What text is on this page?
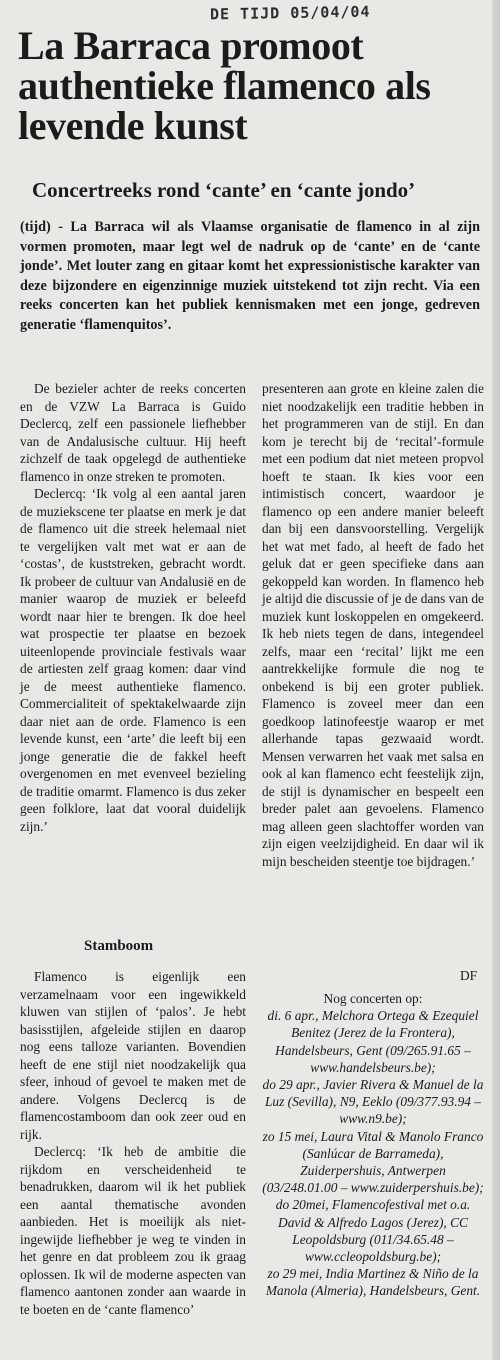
DE TIJD 05/04/04
La Barraca promoot authentieke flamenco als levende kunst
Concertreeks rond ‘cante’ en ‘cante jondo’

(tijd) - La Barraca wil als Vlaamse organisatie de flamenco in al zijn vormen promoten, maar legt wel de nadruk op de ‘cante’ en de ‘cante jonde’. Met louter zang en gitaar komt het expressionistische karakter van deze bijzondere en eigenzinnige muziek uitstekend tot zijn recht. Via een reeks concerten kan het publiek kennismaken met een jonge, gedreven generatie ‘flamenquitos’.

De bezieler achter de reeks concerten en de VZW La Barraca is Guido Declercq, zelf een passionele liefhebber van de Andalusische cultuur. Hij heeft zichzelf de taak opgelegd de authentieke flamenco in onze streken te promoten.

Declercq: ‘Ik volg al een aantal jaren de muziekscene ter plaatse en merk je dat de flamenco uit die streek helemaal niet te vergelijken valt met wat er aan de ‘costas’, de kuststreken, gebracht wordt. Ik probeer de cultuur van Andalusië en de manier waarop de muziek er beleefd wordt naar hier te brengen. Ik doe heel wat prospectie ter plaatse en bezoek uiteenlopende provinciale festivals waar de artiesten zelf graag komen: daar vind je de meest authentieke flamenco. Commercialiteit of spektakelwaarde zijn daar niet aan de orde. Flamenco is een levende kunst, een ‘arte’ die leeft bij een jonge generatie die de fakkel heeft overgenomen en met evenveel bezieling de traditie omarmt. Flamenco is dus zeker geen folklore, laat dat vooral duidelijk zijn.’

presenteren aan grote en kleine zalen die niet noodzakelijk een traditie hebben in het programmeren van de stijl. En dan kom je terecht bij de ‘recital’-formule met een podium dat niet meteen propvol hoeft te staan. Ik kies voor een intimistisch concert, waardoor je flamenco op een andere manier beleeft dan bij een dansvoorstelling. Vergelijk het wat met fado, al heeft de fado het geluk dat er geen specifieke dans aan gekoppeld kan worden. In flamenco heb je altijd die discussie of je de dans van de muziek kunt loskoppelen en omgekeerd. Ik heb niets tegen de dans, integendeel zelfs, maar een ‘recital’ lijkt me een aantrekkelijke formule die nog te onbekend is bij een groter publiek. Flamenco is zoveel meer dan een goedkoop latinofeestje waarop er met allerhande tapas gezwaaid wordt. Mensen verwarren het vaak met salsa en ook al kan flamenco echt feestelijk zijn, de stijl is dynamischer en bespeelt een breder palet aan gevoelens. Flamenco mag alleen geen slachtoffer worden van zijn eigen veelzijdigheid. En daar wil ik mijn bescheiden steentje toe bijdragen.’

Stamboom

Flamenco is eigenlijk een verzamelnaam voor een ingewikkeld kluwen van stijlen of ‘palos’. Je hebt basisstijlen, afgeleide stijlen en daarop nog eens talloze varianten. Bovendien heeft de ene stijl niet noodzakelijk qua sfeer, inhoud of gevoel te maken met de andere. Volgens Declercq is de flamencostamboom dan ook zeer oud en rijk.

Declercq: ‘Ik heb de ambitie die rijkdom en verscheidenheid te benadrukken, daarom wil ik het publiek een aantal thematische avonden aanbieden. Het is moeilijk als niet-ingewijde liefhebber je weg te vinden in het genre en dat probleem zou ik graag oplossen. Ik wil de moderne aspecten van flamenco aantonen zonder aan waarde in te boeten en de ‘cante flamenco’

DF
Nog concerten op:
di. 6 apr., Melchora Ortega & Ezequiel Benitez (Jerez de la Frontera), Handelsbeurs, Gent (09/265.91.65 – www.handelsbeurs.be);
do 29 apr., Javier Rivera & Manuel de la Luz (Sevilla), N9, Eeklo (09/377.93.94 – www.n9.be);
zo 15 mei, Laura Vital & Manolo Franco (Sanlúcar de Barrameda), Zuiderpershuis, Antwerpen (03/248.01.00 – www.zuiderpershuis.be);
do 20mei, Flamencofestival met o.a. David & Alfredo Lagos (Jerez), CC Leopoldsburg (011/34.65.48 – www.ccleopoldsburg.be);
zo 29 mei, India Martinez & Niño de la Manola (Almeria), Handelsbeurs, Gent.
